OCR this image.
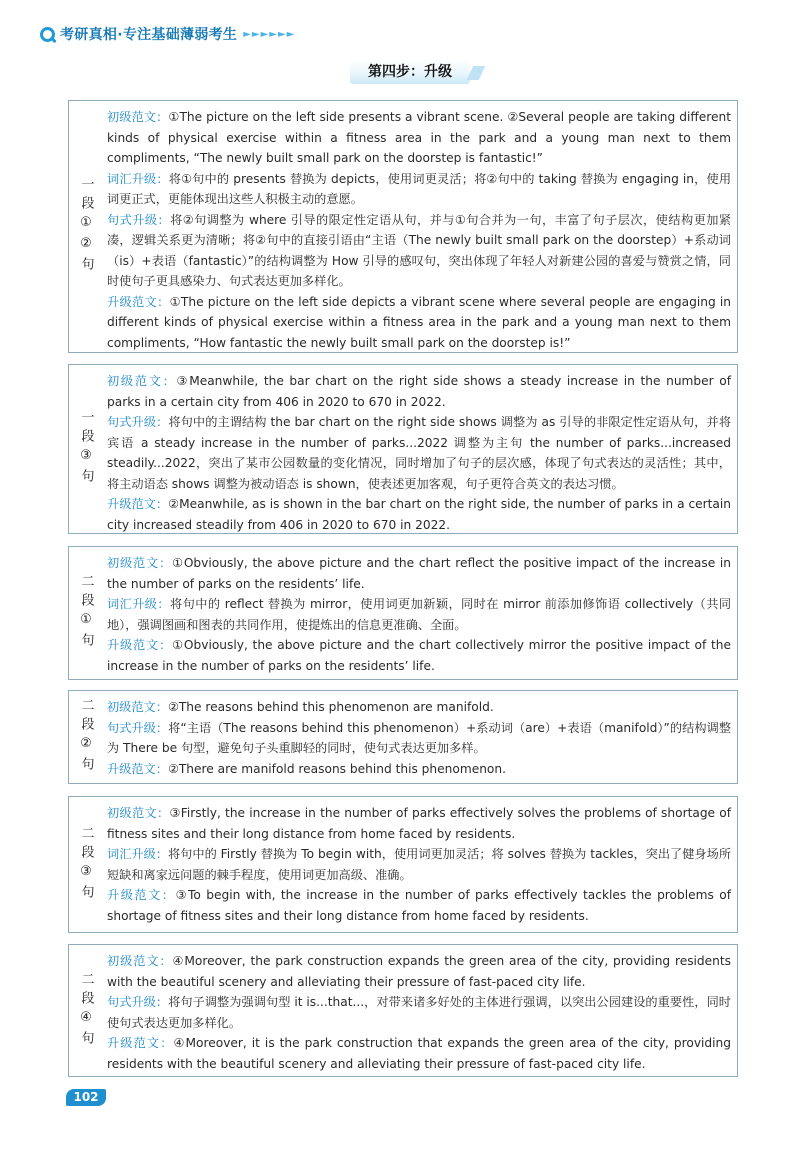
考研真相·专注基础薄弱考生 ►►►►►►
第四步：升级
一段①②句

初级范文：①The picture on the left side presents a vibrant scene. ②Several people are taking different kinds of physical exercise within a fitness area in the park and a young man next to them compliments, “The newly built small park on the doorstep is fantastic!”

词汇升级：将①句中的 presents 替换为 depicts，使用词更灵活；将②句中的 taking 替换为 engaging in，使用词更正式，更能体现出这些人积极主动的意愿。

句式升级：将②句调整为 where 引导的限定性定语从句，并与①句合并为一句，丰富了句子层次，使结构更加紧凑，逻辑关系更为清晰；将②句中的直接引语由“主语（The newly built small park on the doorstep）+系动词（is）+表语（fantastic）”的结构调整为 How 引导的感叹句，突出体现了年轻人对新建公园的喜爱与赞赏之情，同时使句子更具感染力、句式表达更加多样化。

升级范文：①The picture on the left side depicts a vibrant scene where several people are engaging in different kinds of physical exercise within a fitness area in the park and a young man next to them compliments, “How fantastic the newly built small park on the doorstep is!”

一段③句

初级范文：③Meanwhile, the bar chart on the right side shows a steady increase in the number of parks in a certain city from 406 in 2020 to 670 in 2022.

句式升级：将句中的主谓结构 the bar chart on the right side shows 调整为 as 引导的非限定性定语从句，并将宾语 a steady increase in the number of parks...2022 调整为主句 the number of parks...increased steadily...2022，突出了某市公园数量的变化情况，同时增加了句子的层次感，体现了句式表达的灵活性；其中，将主动语态 shows 调整为被动语态 is shown，使表述更加客观，句子更符合英文的表达习惯。

升级范文：②Meanwhile, as is shown in the bar chart on the right side, the number of parks in a certain city increased steadily from 406 in 2020 to 670 in 2022.

二段①句

初级范文：①Obviously, the above picture and the chart reflect the positive impact of the increase in the number of parks on the residents’ life.

词汇升级：将句中的 reflect 替换为 mirror，使用词更加新颖，同时在 mirror 前添加修饰语 collectively（共同地），强调图画和图表的共同作用，使提炼出的信息更准确、全面。

升级范文：①Obviously, the above picture and the chart collectively mirror the positive impact of the increase in the number of parks on the residents’ life.

二段②句 初级范文：②The reasons behind this phenomenon are manifold.

句式升级：将“主语（The reasons behind this phenomenon）+系动词（are）+表语（manifold）”的结构调整为 There be 句型，避免句子头重脚轻的同时，使句式表达更加多样。

升级范文：②There are manifold reasons behind this phenomenon.

二段③句

初级范文：③Firstly, the increase in the number of parks effectively solves the problems of shortage of fitness sites and their long distance from home faced by residents.

词汇升级：将句中的 Firstly 替换为 To begin with，使用词更加灵活；将 solves 替换为 tackles，突出了健身场所短缺和离家远问题的棘手程度，使用词更加高级、准确。

升级范文：③To begin with, the increase in the number of parks effectively tackles the problems of shortage of fitness sites and their long distance from home faced by residents.

二段④句

初级范文：④Moreover, the park construction expands the green area of the city, providing residents with the beautiful scenery and alleviating their pressure of fast-paced city life.

句式升级：将句子调整为强调句型 it is...that...，对带来诸多好处的主体进行强调，以突出公园建设的重要性，同时使句式表达更加多样化。

升级范文：④Moreover, it is the park construction that expands the green area of the city, providing residents with the beautiful scenery and alleviating their pressure of fast-paced city life.

102
